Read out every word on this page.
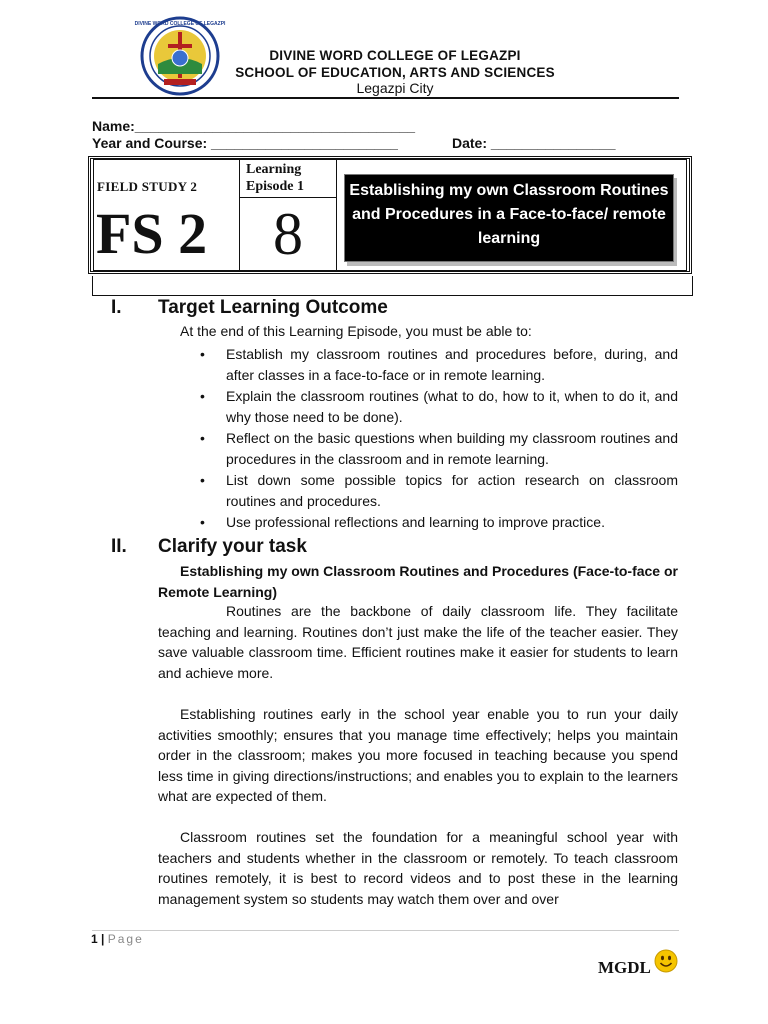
DIVINE WORD COLLEGE OF LEGAZPI
DIVINE WORD COLLEGE OF LEGAZPI
SCHOOL OF EDUCATION, ARTS AND SCIENCES
Legazpi City
Name:____________________________________
Year and Course: ________________________	Date: ________________
FIELD STUDY 2
FS 2
Learning
Episode 1
8
Establishing my own Classroom Routines and Procedures in a Face-to-face/ remote learning
I. Target Learning Outcome
At the end of this Learning Episode, you must be able to:
• Establish my classroom routines and procedures before, during, and after classes in a face-to-face or in remote learning.
• Explain the classroom routines (what to do, how to it, when to do it, and why those need to be done).
• Reflect on the basic questions when building my classroom routines and procedures in the classroom and in remote learning.
• List down some possible topics for action research on classroom routines and procedures.
• Use professional reflections and learning to improve practice.
II. Clarify your task
Establishing my own Classroom Routines and Procedures (Face-to-face or Remote Learning)
Routines are the backbone of daily classroom life. They facilitate teaching and learning. Routines don’t just make the life of the teacher easier. They save valuable classroom time. Efficient routines make it easier for students to learn and achieve more.
Establishing routines early in the school year enable you to run your daily activities smoothly; ensures that you manage time effectively; helps you maintain order in the classroom; makes you more focused in teaching because you spend less time in giving directions/instructions; and enables you to explain to the learners what are expected of them.
Classroom routines set the foundation for a meaningful school year with teachers and students whether in the classroom or remotely. To teach classroom routines remotely, it is best to record videos and to post these in the learning management system so students may watch them over and over
1 | Page
MGDL
